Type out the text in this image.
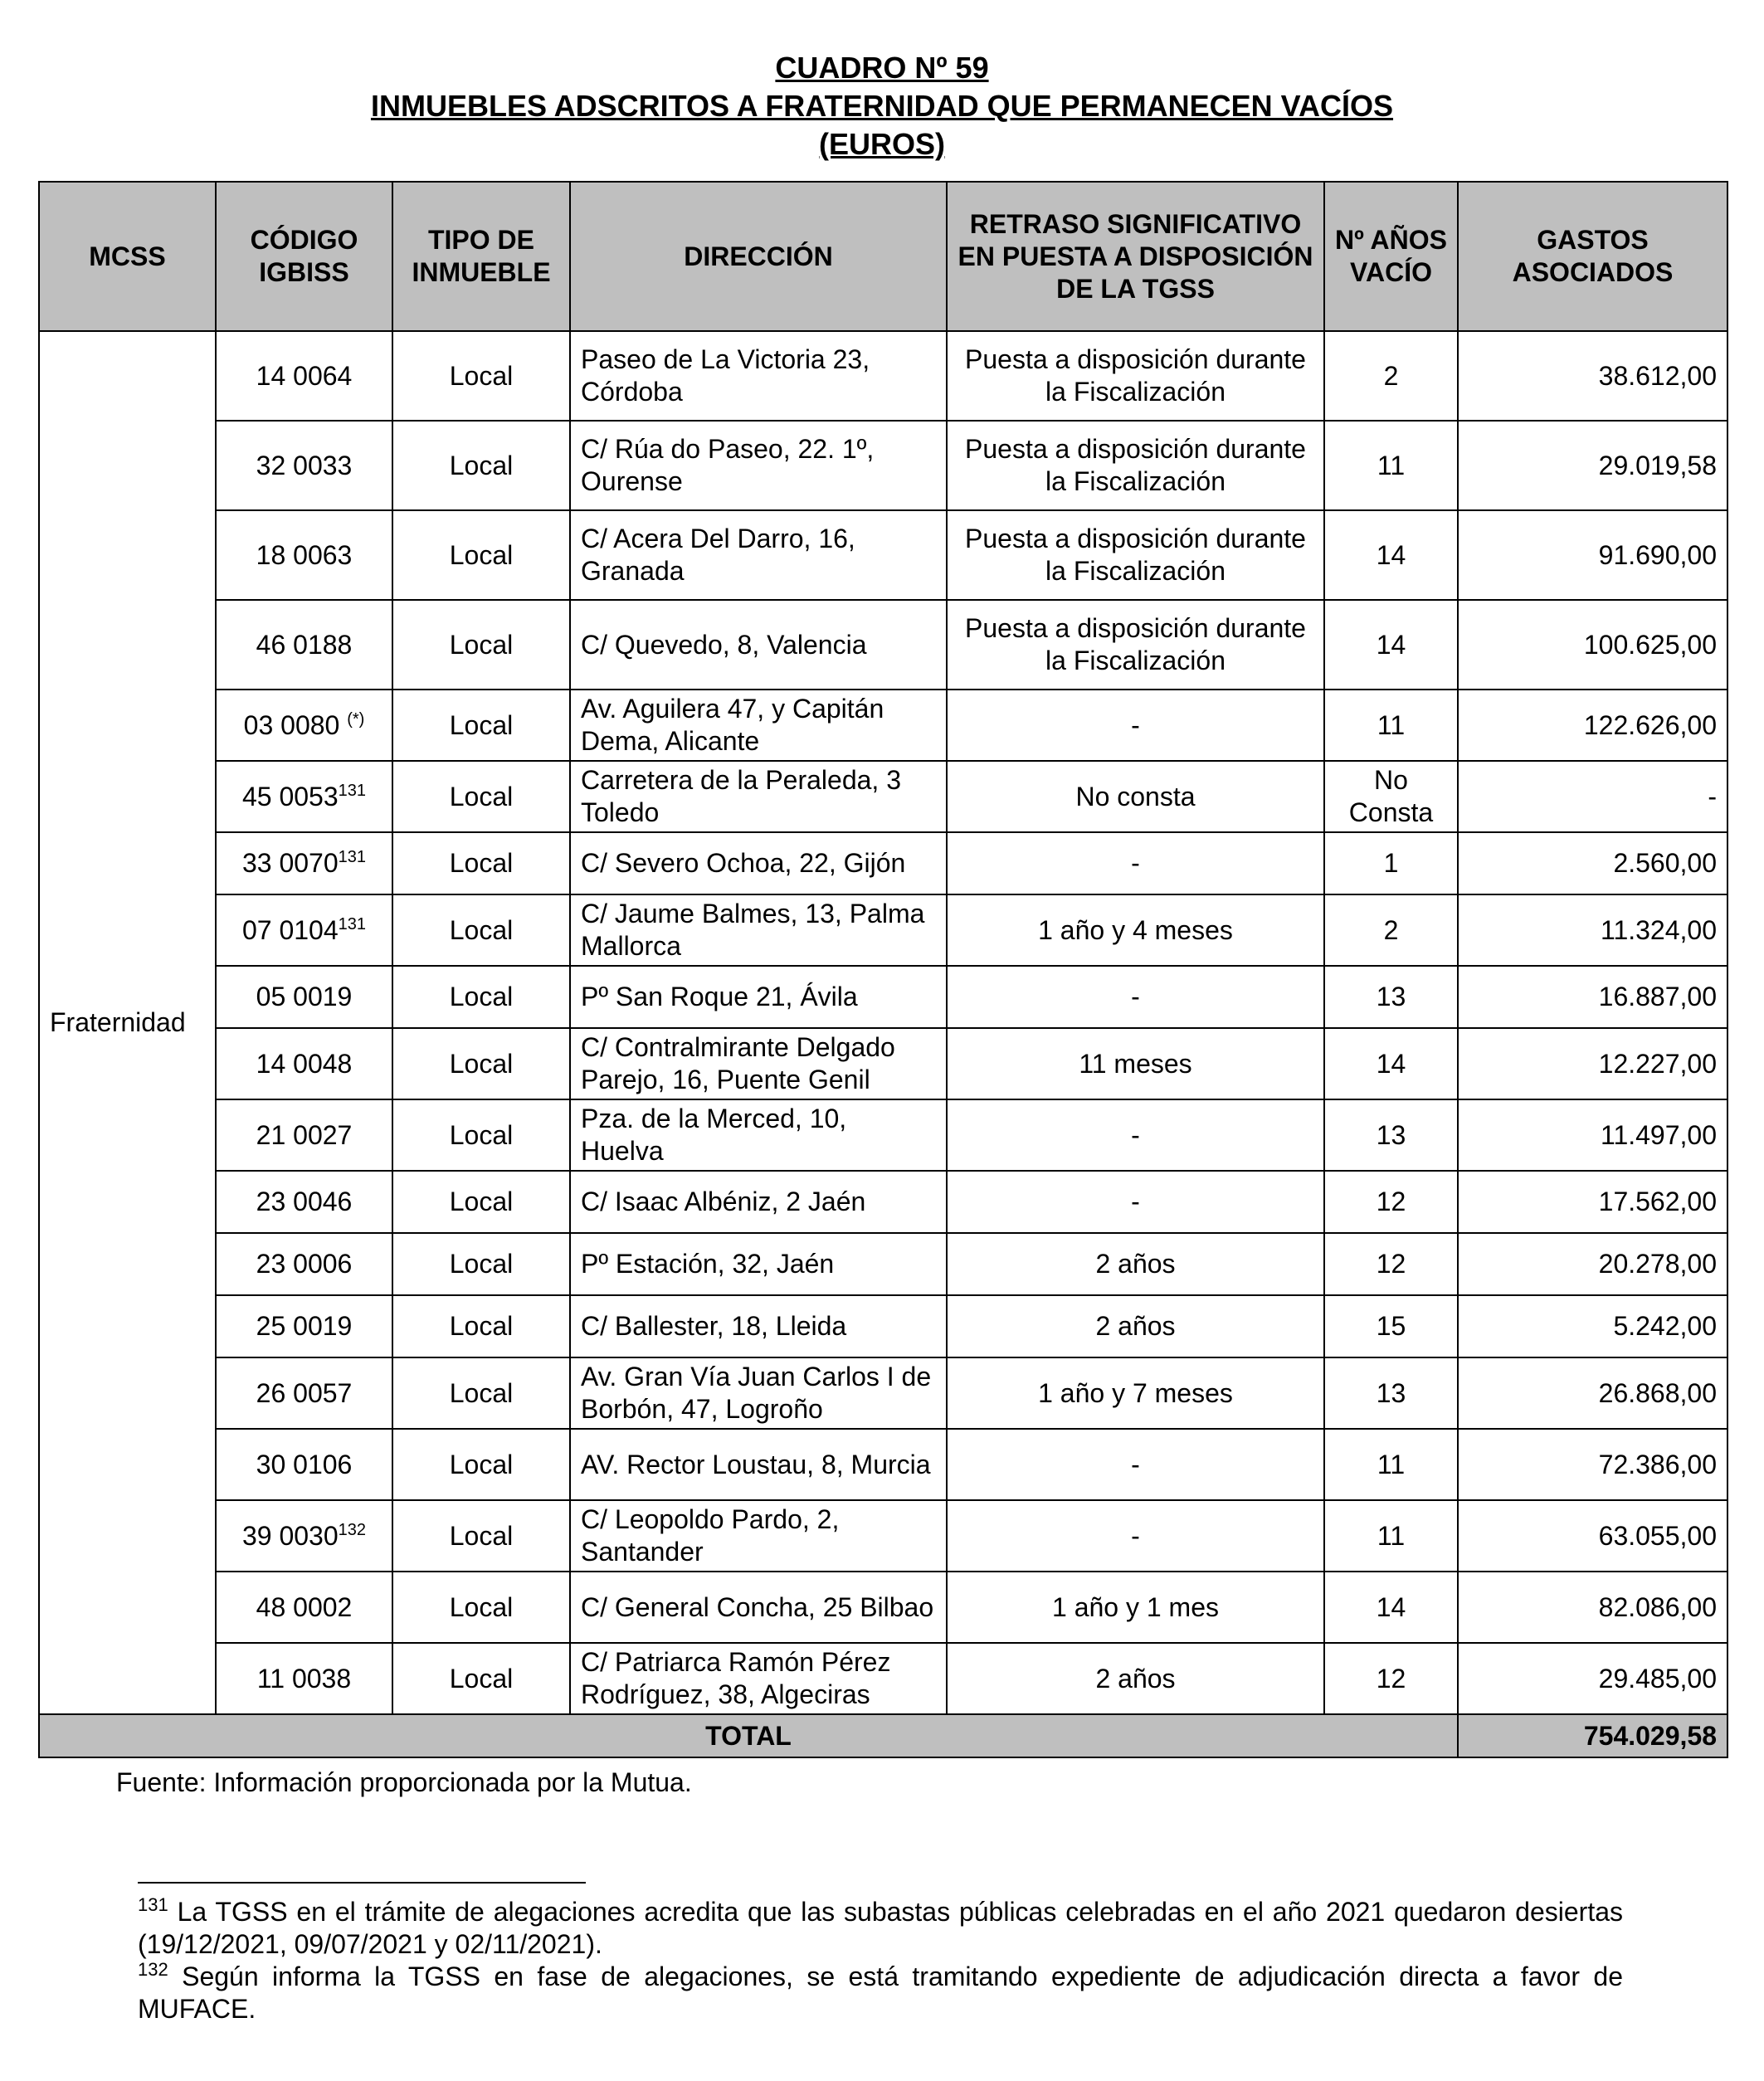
CUADRO Nº 59
INMUEBLES ADSCRITOS A FRATERNIDAD QUE PERMANECEN VACÍOS
(EUROS)
MCSS	CÓDIGO IGBISS	TIPO DE INMUEBLE	DIRECCIÓN	RETRASO SIGNIFICATIVO EN PUESTA A DISPOSICIÓN DE LA TGSS	Nº AÑOS VACÍO	GASTOS ASOCIADOS
Fraternidad	14 0064	Local	Paseo de La Victoria 23, Córdoba	Puesta a disposición durante la Fiscalización	2	38.612,00
	32 0033	Local	C/ Rúa do Paseo, 22. 1º, Ourense	Puesta a disposición durante la Fiscalización	11	29.019,58
	18 0063	Local	C/ Acera Del Darro, 16, Granada	Puesta a disposición durante la Fiscalización	14	91.690,00
	46 0188	Local	C/ Quevedo, 8, Valencia	Puesta a disposición durante la Fiscalización	14	100.625,00
	03 0080 (*)	Local	Av. Aguilera 47, y Capitán Dema, Alicante	-	11	122.626,00
	45 0053$^{131}$	Local	Carretera de la Peraleda, 3 Toledo	No consta	No Consta	-
	33 0070$^{131}$	Local	C/ Severo Ochoa, 22, Gijón	-	1	2.560,00
	07 0104$^{131}$	Local	C/ Jaume Balmes, 13, Palma Mallorca	1 año y 4 meses	2	11.324,00
	05 0019	Local	Pº San Roque 21, Ávila	-	13	16.887,00
	14 0048	Local	C/ Contralmirante Delgado Parejo, 16, Puente Genil	11 meses	14	12.227,00
	21 0027	Local	Pza. de la Merced, 10, Huelva	-	13	11.497,00
	23 0046	Local	C/ Isaac Albéniz, 2 Jaén	-	12	17.562,00
	23 0006	Local	Pº Estación, 32, Jaén	2 años	12	20.278,00
	25 0019	Local	C/ Ballester, 18, Lleida	2 años	15	5.242,00
	26 0057	Local	Av. Gran Vía Juan Carlos I de Borbón, 47, Logroño	1 año y 7 meses	13	26.868,00
	30 0106	Local	AV. Rector Loustau, 8, Murcia	-	11	72.386,00
	39 0030$^{132}$	Local	C/ Leopoldo Pardo, 2, Santander	-	11	63.055,00
	48 0002	Local	C/ General Concha, 25 Bilbao	1 año y 1 mes	14	82.086,00
	11 0038	Local	C/ Patriarca Ramón Pérez Rodríguez, 38, Algeciras	2 años	12	29.485,00
TOTAL						754.029,58
Fuente: Información proporcionada por la Mutua.

$^{131}$ La TGSS en el trámite de alegaciones acredita que las subastas públicas celebradas en el año 2021 quedaron desiertas (19/12/2021, 09/07/2021 y 02/11/2021).

$^{132}$ Según informa la TGSS en fase de alegaciones, se está tramitando expediente de adjudicación directa a favor de MUFACE.
